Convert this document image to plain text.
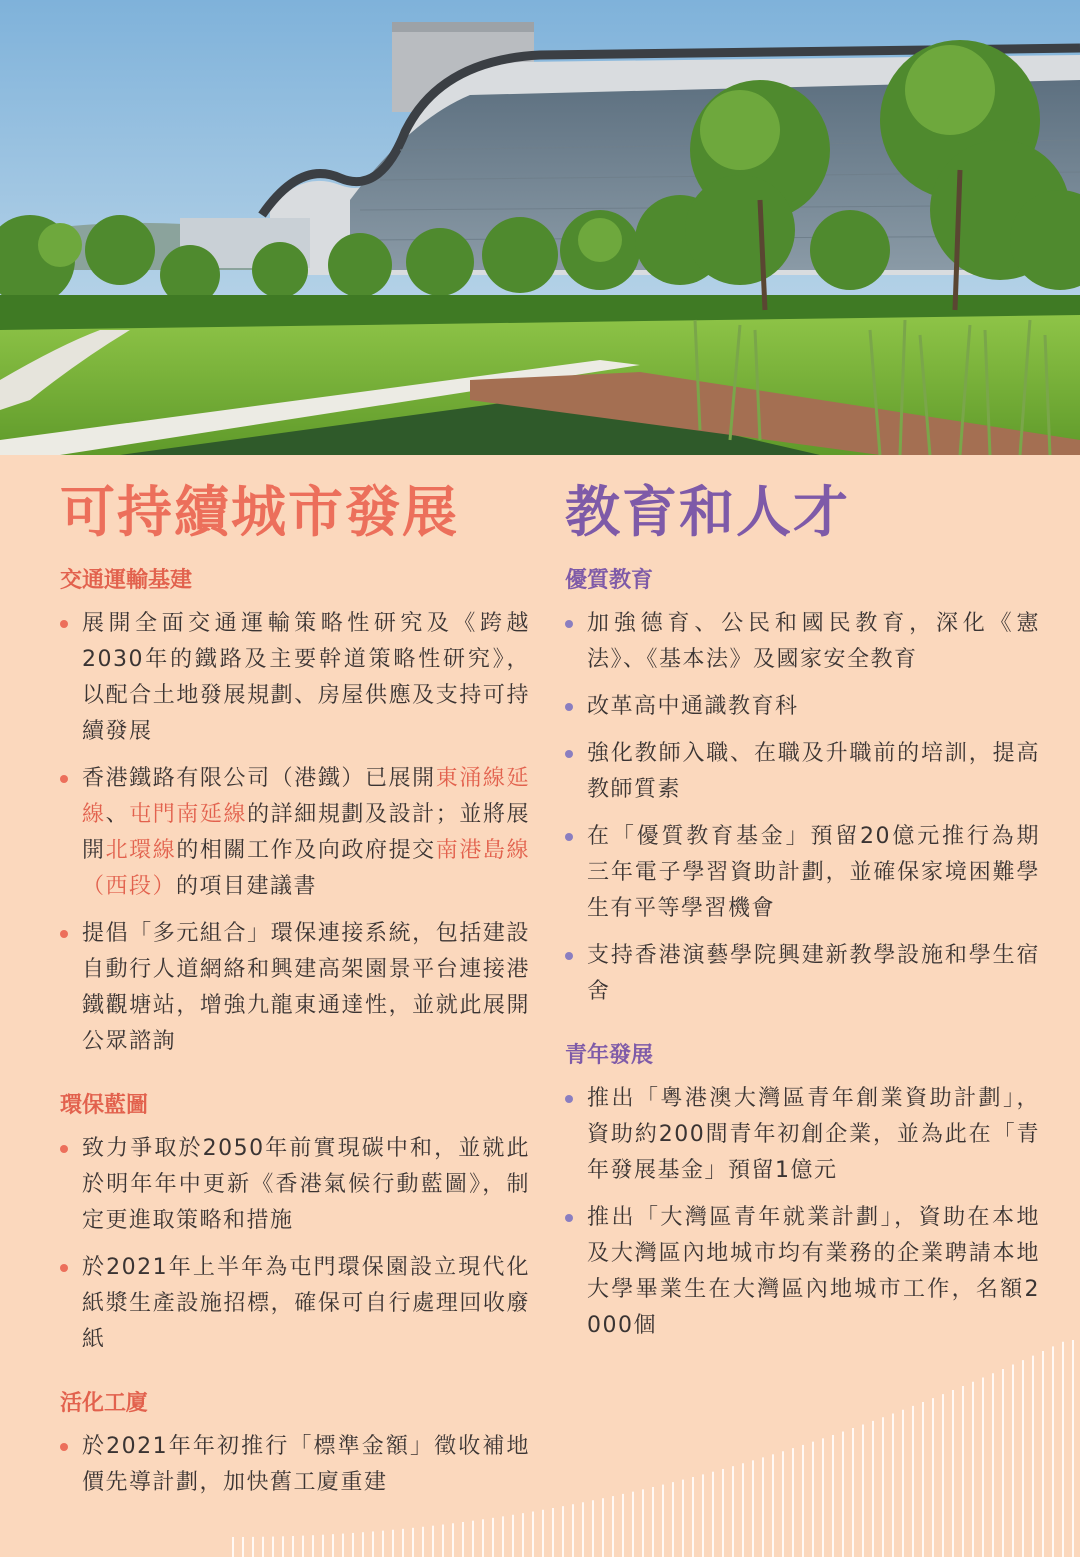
可持續城市發展
交通運輸基建
展開全面交通運輸策略性研究及《跨越2030年的鐵路及主要幹道策略性研究》，以配合土地發展規劃、房屋供應及支持可持續發展
香港鐵路有限公司（港鐵）已展開東涌線延線、屯門南延線的詳細規劃及設計；並將展開北環線的相關工作及向政府提交南港島線（西段）的項目建議書
提倡「多元組合」環保連接系統，包括建設自動行人道網絡和興建高架園景平台連接港鐵觀塘站，增強九龍東通達性，並就此展開公眾諮詢
環保藍圖
致力爭取於2050年前實現碳中和，並就此於明年年中更新《香港氣候行動藍圖》，制定更進取策略和措施
於2021年上半年為屯門環保園設立現代化紙漿生產設施招標，確保可自行處理回收廢紙
活化工廈
於2021年年初推行「標準金額」徵收補地價先導計劃，加快舊工廈重建
教育和人才
優質教育
加強德育、公民和國民教育，深化《憲法》、《基本法》及國家安全教育
改革高中通識教育科
強化教師入職、在職及升職前的培訓，提高教師質素
在「優質教育基金」預留20億元推行為期三年電子學習資助計劃，並確保家境困難學生有平等學習機會
支持香港演藝學院興建新教學設施和學生宿舍
青年發展
推出「粵港澳大灣區青年創業資助計劃」，資助約200間青年初創企業，並為此在「青年發展基金」預留1億元
推出「大灣區青年就業計劃」，資助在本地及大灣區內地城市均有業務的企業聘請本地大學畢業生在大灣區內地城市工作，名額2 000個
